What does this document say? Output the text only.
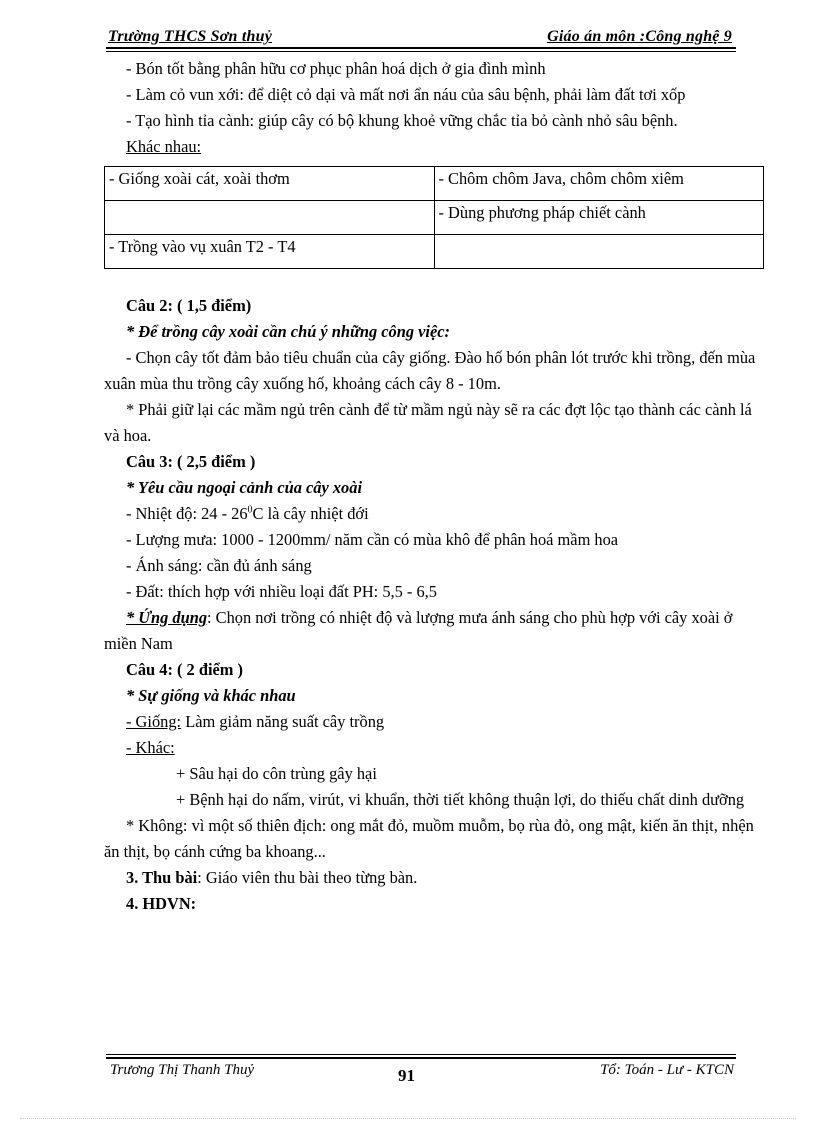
Trường THCS Sơn thuỷ	Giáo án môn :Công nghệ 9

- Bón tốt bằng phân hữu cơ phục phân hoá dịch ở gia đình mình

- Làm cỏ vun xới: để diệt cỏ dại và mất nơi ẩn náu của sâu bệnh, phải làm đất tơi xốp

- Tạo hình tỉa cành: giúp cây có bộ khung khoẻ vững chắc tỉa bỏ cành nhỏ sâu bệnh.

Khác nhau:

- Giống xoài cát, xoài thơm	- Chôm chôm Java, chôm chôm xiêm
	- Dùng phương pháp chiết cành
- Trồng vào vụ xuân T2 - T4	

Câu 2: ( 1,5 điểm)

* Để trồng cây xoài cần chú ý những công việc:

- Chọn cây tốt đảm bảo tiêu chuẩn của cây giống. Đào hố bón phân lót trước khi trồng, đến mùa xuân mùa thu trồng cây xuống hố, khoảng cách cây 8 - 10m.

* Phải giữ lại các mầm ngủ trên cành để từ mầm ngủ này sẽ ra các đợt lộc tạo thành các cành lá và hoa.

Câu 3: ( 2,5 điểm )

* Yêu cầu ngoại cảnh của cây xoài

- Nhiệt độ: $24 - 26^0C$ là cây nhiệt đới

- Lượng mưa: 1000 - 1200mm/ năm cần có mùa khô để phân hoá mầm hoa

- Ánh sáng: cần đủ ánh sáng

- Đất: thích hợp với nhiều loại đất PH: 5,5 - 6,5

* Ứng dụng: Chọn nơi trồng có nhiệt độ và lượng mưa ánh sáng cho phù hợp với cây xoài ở miền Nam

Câu 4: ( 2 điểm )

* Sự giống và khác nhau

- Giống: Làm giảm năng suất cây trồng

- Khác:

+ Sâu hại do côn trùng gây hại

+ Bệnh hại do nấm, virút, vi khuẩn, thời tiết không thuận lợi, do thiếu chất dinh dưỡng

* Không: vì một số thiên địch: ong mắt đỏ, muồm muỗm, bọ rùa đỏ, ong mật, kiến ăn thịt, nhện ăn thịt, bọ cánh cứng ba khoang...

3. Thu bài: Giáo viên thu bài theo từng bàn.

4. HDVN:

Trương Thị Thanh Thuỷ	91	Tổ: Toán - Lư - KTCN
